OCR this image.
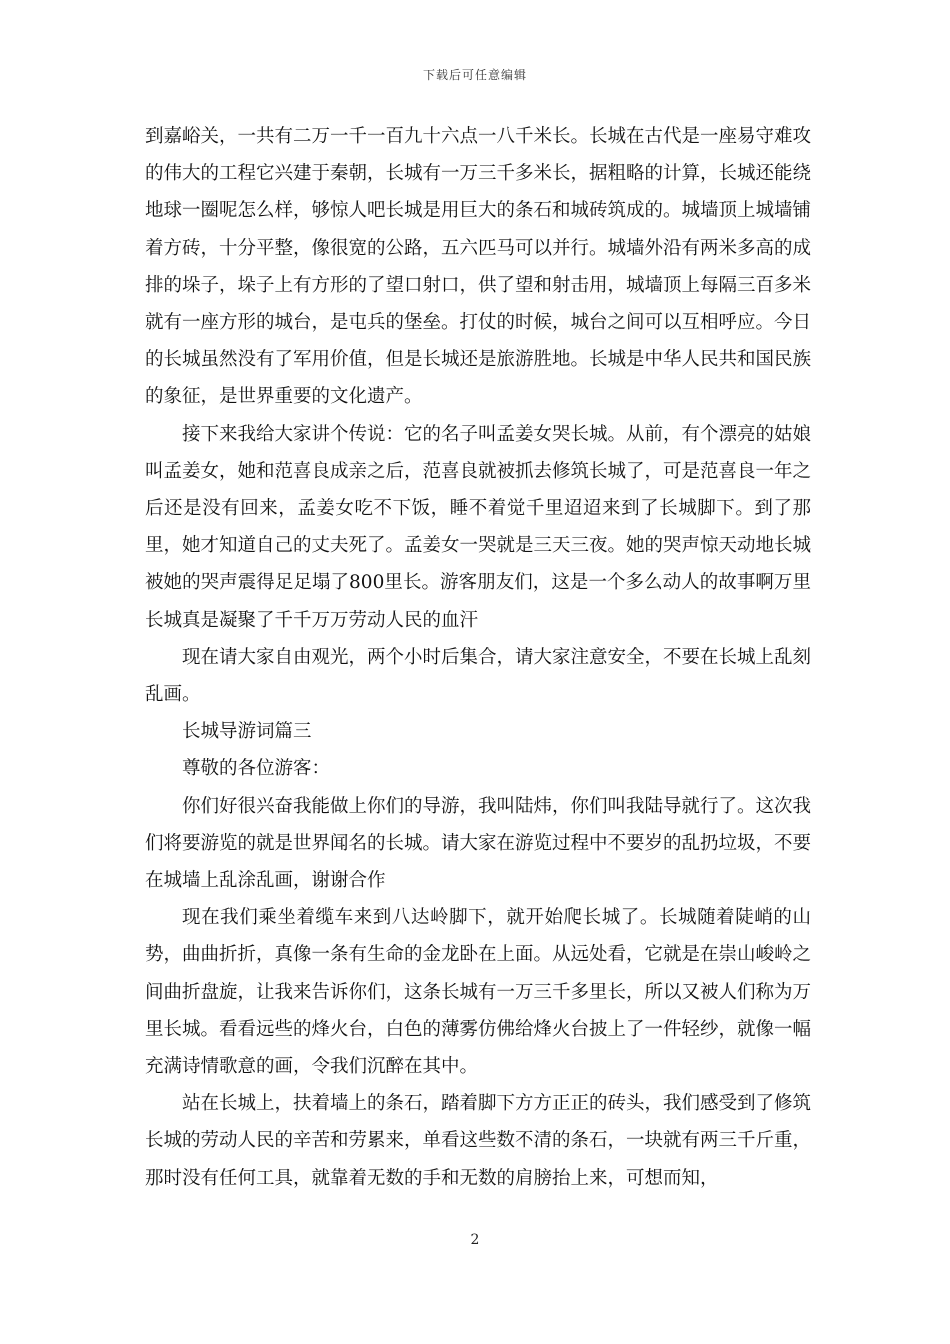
下载后可任意编辑

到嘉峪关，一共有二万一千一百九十六点一八千米长。长城在古代是一座易守难攻的伟大的工程它兴建于秦朝，长城有一万三千多米长，据粗略的计算，长城还能绕地球一圈呢怎么样，够惊人吧长城是用巨大的条石和城砖筑成的。城墙顶上城墙铺着方砖，十分平整，像很宽的公路，五六匹马可以并行。城墙外沿有两米多高的成排的垛子，垛子上有方形的了望口射口，供了望和射击用，城墙顶上每隔三百多米就有一座方形的城台，是屯兵的堡垒。打仗的时候，城台之间可以互相呼应。今日的长城虽然没有了军用价值，但是长城还是旅游胜地。长城是中华人民共和国民族的象征，是世界重要的文化遗产。

接下来我给大家讲个传说：它的名子叫孟姜女哭长城。从前，有个漂亮的姑娘叫孟姜女，她和范喜良成亲之后，范喜良就被抓去修筑长城了，可是范喜良一年之后还是没有回来，孟姜女吃不下饭，睡不着觉千里迢迢来到了长城脚下。到了那里，她才知道自己的丈夫死了。孟姜女一哭就是三天三夜。她的哭声惊天动地长城被她的哭声震得足足塌了800里长。游客朋友们，这是一个多么动人的故事啊万里长城真是凝聚了千千万万劳动人民的血汗

现在请大家自由观光，两个小时后集合，请大家注意安全，不要在长城上乱刻乱画。

长城导游词篇三

尊敬的各位游客：

你们好很兴奋我能做上你们的导游，我叫陆炜，你们叫我陆导就行了。这次我们将要游览的就是世界闻名的长城。请大家在游览过程中不要岁的乱扔垃圾，不要在城墙上乱涂乱画，谢谢合作

现在我们乘坐着缆车来到八达岭脚下，就开始爬长城了。长城随着陡峭的山势，曲曲折折，真像一条有生命的金龙卧在上面。从远处看，它就是在崇山峻岭之间曲折盘旋，让我来告诉你们，这条长城有一万三千多里长，所以又被人们称为万里长城。看看远些的烽火台，白色的薄雾仿佛给烽火台披上了一件轻纱，就像一幅充满诗情歌意的画，令我们沉醉在其中。

站在长城上，扶着墙上的条石，踏着脚下方方正正的砖头，我们感受到了修筑长城的劳动人民的辛苦和劳累来，单看这些数不清的条石，一块就有两三千斤重，那时没有任何工具，就靠着无数的手和无数的肩膀抬上来，可想而知，

2
